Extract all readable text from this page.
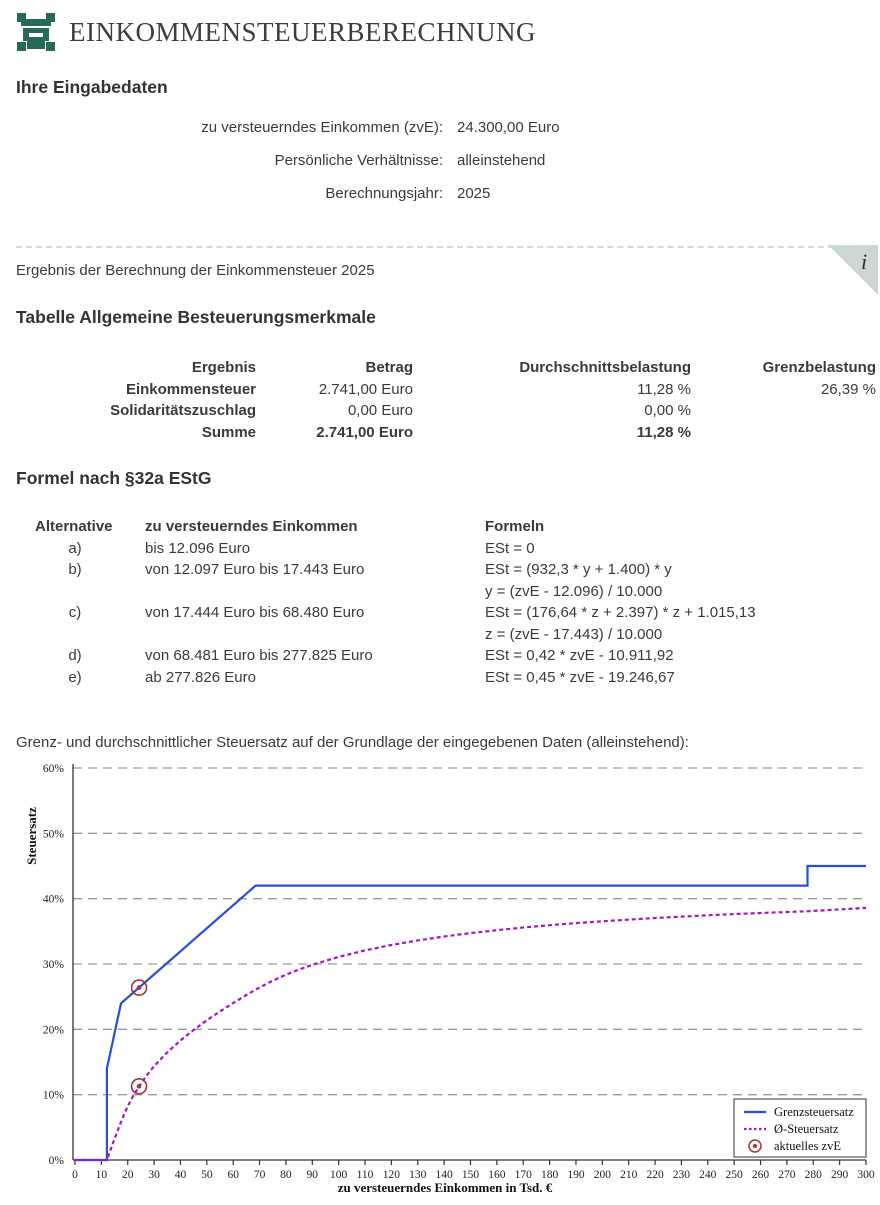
EINKOMMENSTEUERBERECHNUNG
Ihre Eingabedaten
zu versteuerndes Einkommen (zvE): 24.300,00 Euro
Persönliche Verhältnisse: alleinstehend
Berechnungsjahr: 2025
Ergebnis der Berechnung der Einkommensteuer 2025
Tabelle Allgemeine Besteuerungsmerkmale
Ergebnis	Betrag	Durchschnittsbelastung	Grenzbelastung
Einkommensteuer	2.741,00 Euro	11,28 %	26,39 %
Solidaritätszuschlag	0,00 Euro	0,00 %
Summe	2.741,00 Euro	11,28 %
Formel nach §32a EStG
Alternative	zu versteuerndes Einkommen	Formeln
a)	bis 12.096 Euro	ESt = 0
b)	von 12.097 Euro bis 17.443 Euro	ESt = (932,3 * y + 1.400) * y
y = (zvE - 12.096) / 10.000
c)	von 17.444 Euro bis 68.480 Euro	ESt = (176,64 * z + 2.397) * z + 1.015,13
z = (zvE - 17.443) / 10.000
d)	von 68.481 Euro bis 277.825 Euro	ESt = 0,42 * zvE - 10.911,92
e)	ab 277.826 Euro	ESt = 0,45 * zvE - 19.246,67
Grenz- und durchschnittlicher Steuersatz auf der Grundlage der eingegebenen Daten (alleinstehend):
i
0%
10%
20%
30%
40%
50%
60%
0 10 20 30 40 50 60 70 80 90 100 110 120 130 140 150 160 170 180 190 200 210 220 230 240 250 260 270 280 290 300
Steuersatz
zu versteuerndes Einkommen in Tsd. €
Grenzsteuersatz
Ø-Steuersatz
aktuelles zvE
